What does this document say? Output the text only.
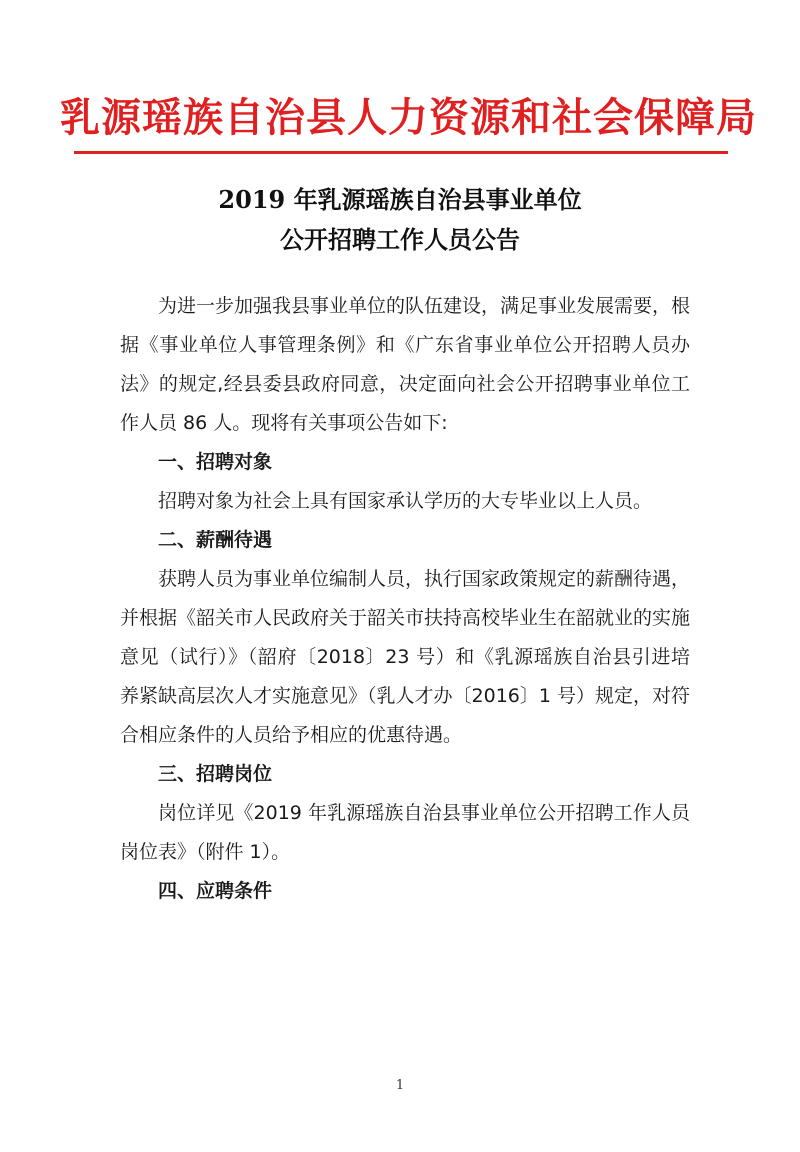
乳源瑶族自治县人力资源和社会保障局
2019 年乳源瑶族自治县事业单位
公开招聘工作人员公告

为进一步加强我县事业单位的队伍建设，满足事业发展需要，根据《事业单位人事管理条例》和《广东省事业单位公开招聘人员办法》的规定,经县委县政府同意，决定面向社会公开招聘事业单位工作人员 86 人。现将有关事项公告如下:

一、招聘对象

招聘对象为社会上具有国家承认学历的大专毕业以上人员。

二、薪酬待遇

获聘人员为事业单位编制人员，执行国家政策规定的薪酬待遇，并根据《韶关市人民政府关于韶关市扶持高校毕业生在韶就业的实施意见（试行）》（韶府〔2018〕23 号）和《乳源瑶族自治县引进培养紧缺高层次人才实施意见》（乳人才办〔2016〕1 号）规定，对符合相应条件的人员给予相应的优惠待遇。

三、招聘岗位

岗位详见《2019 年乳源瑶族自治县事业单位公开招聘工作人员岗位表》（附件 1）。

四、应聘条件

1
